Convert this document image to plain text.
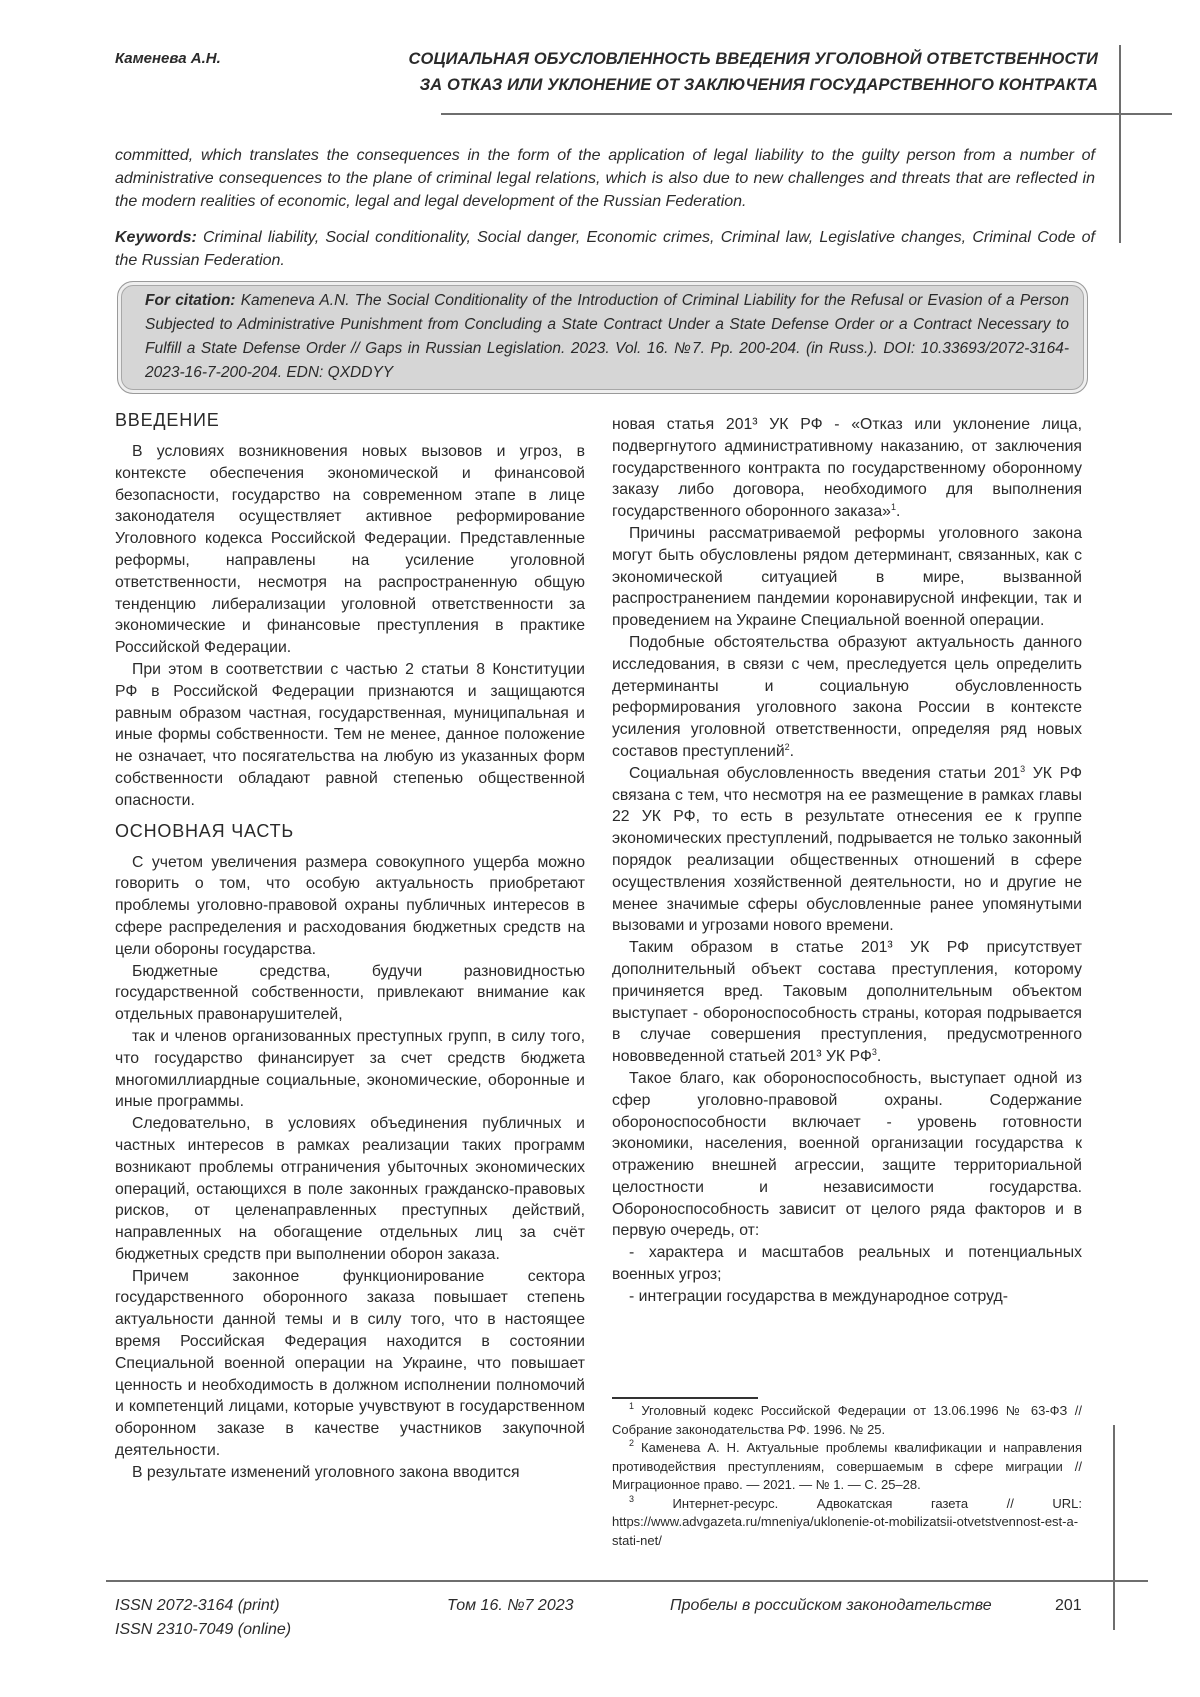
Каменева А.Н.	СОЦИАЛЬНАЯ ОБУСЛОВЛЕННОСТЬ ВВЕДЕНИЯ УГОЛОВНОЙ ОТВЕТСТВЕННОСТИ
ЗА ОТКАЗ ИЛИ УКЛОНЕНИЕ ОТ ЗАКЛЮЧЕНИЯ ГОСУДАРСТВЕННОГО КОНТРАКТА
committed, which translates the consequences in the form of the application of legal liability to the guilty person from a number of administrative consequences to the plane of criminal legal relations, which is also due to new challenges and threats that are reflected in the modern realities of economic, legal and legal development of the Russian Federation.
Keywords: Criminal liability, Social conditionality, Social danger, Economic crimes, Criminal law, Legislative changes, Criminal Code of the Russian Federation.
For citation: Kameneva A.N. The Social Conditionality of the Introduction of Criminal Liability for the Refusal or Evasion of a Person Subjected to Administrative Punishment from Concluding a State Contract Under a State Defense Order or a Contract Necessary to Fulfill a State Defense Order // Gaps in Russian Legislation. 2023. Vol. 16. №7. Pp. 200-204. (in Russ.). DOI: 10.33693/2072-3164-2023-16-7-200-204. EDN: QXDDYY
ВВЕДЕНИЕ

В условиях возникновения новых вызовов и угроз, в контексте обеспечения экономической и финансовой безопасности, государство на современном этапе в лице законодателя осуществляет активное реформирование Уголовного кодекса Российской Федерации. Представленные реформы, направлены на усиление уголовной ответственности, несмотря на распространенную общую тенденцию либерализации уголовной ответственности за экономические и финансовые преступления в практике Российской Федерации.

При этом в соответствии с частью 2 статьи 8 Конституции РФ в Российской Федерации признаются и защищаются равным образом частная, государственная, муниципальная и иные формы собственности. Тем не менее, данное положение не означает, что посягательства на любую из указанных форм собственности обладают равной степенью общественной опасности.

ОСНОВНАЯ ЧАСТЬ

С учетом увеличения размера совокупного ущерба можно говорить о том, что особую актуальность приобретают проблемы уголовно-правовой охраны публичных интересов в сфере распределения и расходования бюджетных средств на цели обороны государства.

Бюджетные средства, будучи разновидностью государственной собственности, привлекают внимание как отдельных правонарушителей,

так и членов организованных преступных групп, в силу того, что государство финансирует за счет средств бюджета многомиллиардные социальные, экономические, оборонные и иные программы.

Следовательно, в условиях объединения публичных и частных интересов в рамках реализации таких программ возникают проблемы отграничения убыточных экономических операций, остающихся в поле законных гражданско-правовых рисков, от целенаправленных преступных действий, направленных на обогащение отдельных лиц за счёт бюджетных средств при выполнении оборон заказа.

Причем законное функционирование сектора государственного оборонного заказа повышает степень актуальности данной темы и в силу того, что в настоящее время Российская Федерация находится в состоянии Специальной военной операции на Украине, что повышает ценность и необходимость в должном исполнении полномочий и компетенций лицами, которые учувствуют в государственном оборонном заказе в качестве участников закупочной деятельности.

В результате изменений уголовного закона вводится

новая статья 201³ УК РФ - «Отказ или уклонение лица, подвергнутого административному наказанию, от заключения государственного контракта по государственному оборонному заказу либо договора, необходимого для выполнения государственного оборонного заказа»$^1$.

Причины рассматриваемой реформы уголовного закона могут быть обусловлены рядом детерминант, связанных, как с экономической ситуацией в мире, вызванной распространением пандемии коронавирусной инфекции, так и проведением на Украине Специальной военной операции.

Подобные обстоятельства образуют актуальность данного исследования, в связи с чем, преследуется цель определить детерминанты и социальную обусловленность реформирования уголовного закона России в контексте усиления уголовной ответственности, определяя ряд новых составов преступлений$^2$.

Социальная обусловленность введения статьи $201^3$ УК РФ связана с тем, что несмотря на ее размещение в рамках главы 22 УК РФ, то есть в результате отнесения ее к группе экономических преступлений, подрывается не только законный порядок реализации общественных отношений в сфере осуществления хозяйственной деятельности, но и другие не менее значимые сферы обусловленные ранее упомянутыми вызовами и угрозами нового времени.

Таким образом в статье 201³ УК РФ присутствует дополнительный объект состава преступления, которому причиняется вред. Таковым дополнительным объектом выступает - обороноспособность страны, которая подрывается в случае совершения преступления, предусмотренного нововведенной статьей 201³ УК $РФ^3$.

Такое благо, как обороноспособность, выступает одной из сфер уголовно-правовой охраны. Содержание обороноспособности включает - уровень готовности экономики, населения, военной организации государства к отражению внешней агрессии, защите территориальной целостности и независимости государства. Обороноспособность зависит от целого ряда факторов и в первую очередь, от:

- характера и масштабов реальных и потенциальных военных угроз;

- интеграции государства в международное сотруд-

$^1$ Уголовный кодекс Российской Федерации от 13.06.1996 № 63-ФЗ // Собрание законодательства РФ. 1996. № 25.

$^2$ Каменева А. Н. Актуальные проблемы квалификации и направления противодействия преступлениям, совершаемым в сфере миграции // Миграционное право. — 2021. — № 1. — С. 25–28.

$^3$ Интернет-ресурс. Адвокатская газета // URL: https://www.advgazeta.ru/mneniya/uklonenie-ot-mobilizatsii-otvetstvennost-est-a-stati-net/

ISSN 2072-3164 (print)
ISSN 2310-7049 (online)
Том 16. №7 2023	Пробелы в российском законодательстве	201
